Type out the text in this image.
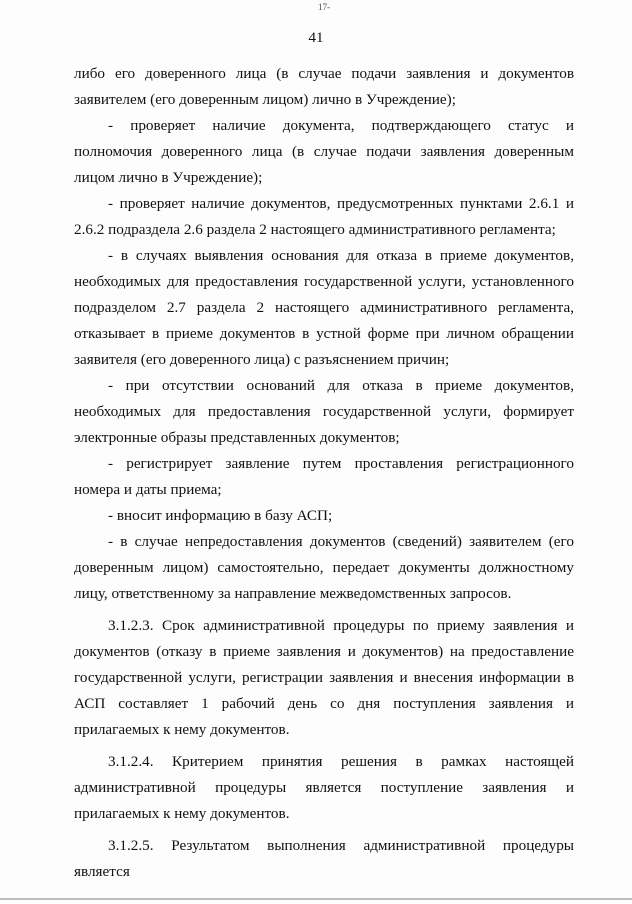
17-
41

либо его доверенного лица (в случае подачи заявления и документов заявителем (его доверенным лицом) лично в Учреждение);

- проверяет наличие документа, подтверждающего статус и полномочия доверенного лица (в случае подачи заявления доверенным лицом лично в Учреждение);

- проверяет наличие документов, предусмотренных пунктами 2.6.1 и 2.6.2 подраздела 2.6 раздела 2 настоящего административного регламента;

- в случаях выявления основания для отказа в приеме документов, необходимых для предоставления государственной услуги, установленного подразделом 2.7 раздела 2 настоящего административного регламента, отказывает в приеме документов в устной форме при личном обращении заявителя (его доверенного лица) с разъяснением причин;

- при отсутствии оснований для отказа в приеме документов, необходимых для предоставления государственной услуги, формирует электронные образы представленных документов;

- регистрирует заявление путем проставления регистрационного номера и даты приема;

- вносит информацию в базу АСП;

- в случае непредоставления документов (сведений) заявителем (его доверенным лицом) самостоятельно, передает документы должностному лицу, ответственному за направление межведомственных запросов.

3.1.2.3. Срок административной процедуры по приему заявления и документов (отказу в приеме заявления и документов) на предоставление государственной услуги, регистрации заявления и внесения информации в АСП составляет 1 рабочий день со дня поступления заявления и прилагаемых к нему документов.

3.1.2.4. Критерием принятия решения в рамках настоящей административной процедуры является поступление заявления и прилагаемых к нему документов.

3.1.2.5. Результатом выполнения административной процедуры является
